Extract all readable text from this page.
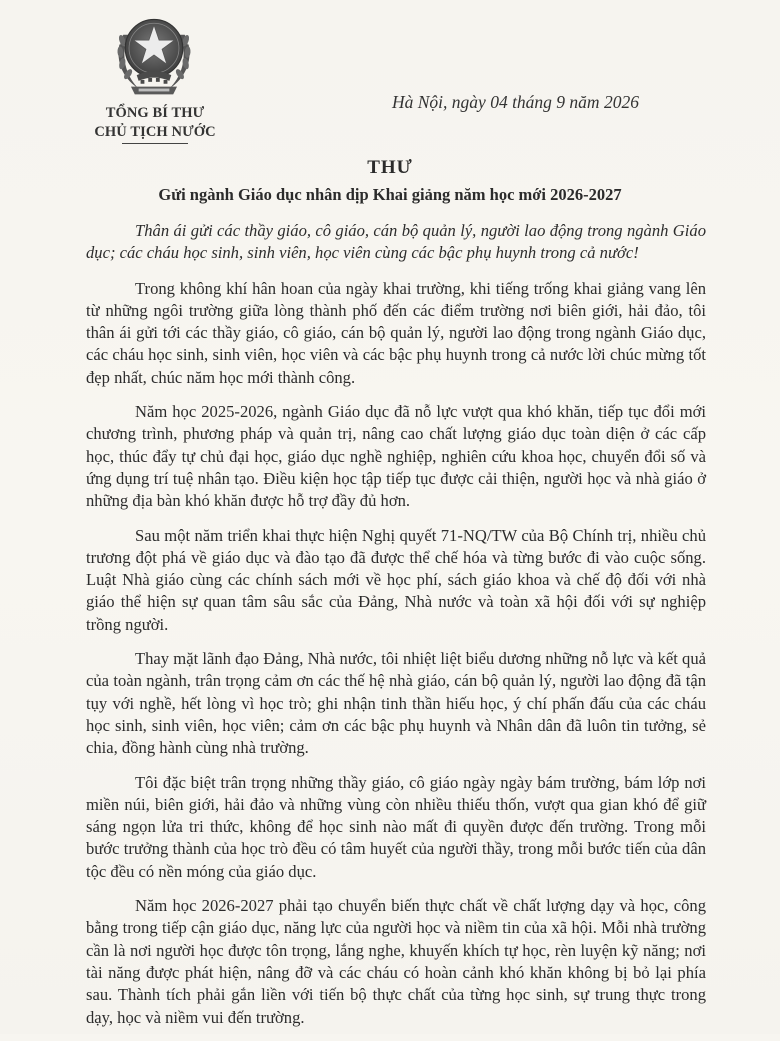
TỔNG BÍ THƯ
CHỦ TỊCH NƯỚC
Hà Nội, ngày 04 tháng 9 năm 2026
THƯ
Gửi ngành Giáo dục nhân dịp Khai giảng năm học mới 2026-2027

Thân ái gửi các thầy giáo, cô giáo, cán bộ quản lý, người lao động trong ngành Giáo dục; các cháu học sinh, sinh viên, học viên cùng các bậc phụ huynh trong cả nước!

Trong không khí hân hoan của ngày khai trường, khi tiếng trống khai giảng vang lên từ những ngôi trường giữa lòng thành phố đến các điểm trường nơi biên giới, hải đảo, tôi thân ái gửi tới các thầy giáo, cô giáo, cán bộ quản lý, người lao động trong ngành Giáo dục, các cháu học sinh, sinh viên, học viên và các bậc phụ huynh trong cả nước lời chúc mừng tốt đẹp nhất, chúc năm học mới thành công.

Năm học 2025-2026, ngành Giáo dục đã nỗ lực vượt qua khó khăn, tiếp tục đổi mới chương trình, phương pháp và quản trị, nâng cao chất lượng giáo dục toàn diện ở các cấp học, thúc đẩy tự chủ đại học, giáo dục nghề nghiệp, nghiên cứu khoa học, chuyển đổi số và ứng dụng trí tuệ nhân tạo. Điều kiện học tập tiếp tục được cải thiện, người học và nhà giáo ở những địa bàn khó khăn được hỗ trợ đầy đủ hơn.

Sau một năm triển khai thực hiện Nghị quyết 71-NQ/TW của Bộ Chính trị, nhiều chủ trương đột phá về giáo dục và đào tạo đã được thể chế hóa và từng bước đi vào cuộc sống. Luật Nhà giáo cùng các chính sách mới về học phí, sách giáo khoa và chế độ đối với nhà giáo thể hiện sự quan tâm sâu sắc của Đảng, Nhà nước và toàn xã hội đối với sự nghiệp trồng người.

Thay mặt lãnh đạo Đảng, Nhà nước, tôi nhiệt liệt biểu dương những nỗ lực và kết quả của toàn ngành, trân trọng cảm ơn các thế hệ nhà giáo, cán bộ quản lý, người lao động đã tận tụy với nghề, hết lòng vì học trò; ghi nhận tinh thần hiếu học, ý chí phấn đấu của các cháu học sinh, sinh viên, học viên; cảm ơn các bậc phụ huynh và Nhân dân đã luôn tin tưởng, sẻ chia, đồng hành cùng nhà trường.

Tôi đặc biệt trân trọng những thầy giáo, cô giáo ngày ngày bám trường, bám lớp nơi miền núi, biên giới, hải đảo và những vùng còn nhiều thiếu thốn, vượt qua gian khó để giữ sáng ngọn lửa tri thức, không để học sinh nào mất đi quyền được đến trường. Trong mỗi bước trưởng thành của học trò đều có tâm huyết của người thầy, trong mỗi bước tiến của dân tộc đều có nền móng của giáo dục.

Năm học 2026-2027 phải tạo chuyển biến thực chất về chất lượng dạy và học, công bằng trong tiếp cận giáo dục, năng lực của người học và niềm tin của xã hội. Mỗi nhà trường cần là nơi người học được tôn trọng, lắng nghe, khuyến khích tự học, rèn luyện kỹ năng; nơi tài năng được phát hiện, nâng đỡ và các cháu có hoàn cảnh khó khăn không bị bỏ lại phía sau. Thành tích phải gắn liền với tiến bộ thực chất của từng học sinh, sự trung thực trong dạy, học và niềm vui đến trường.
